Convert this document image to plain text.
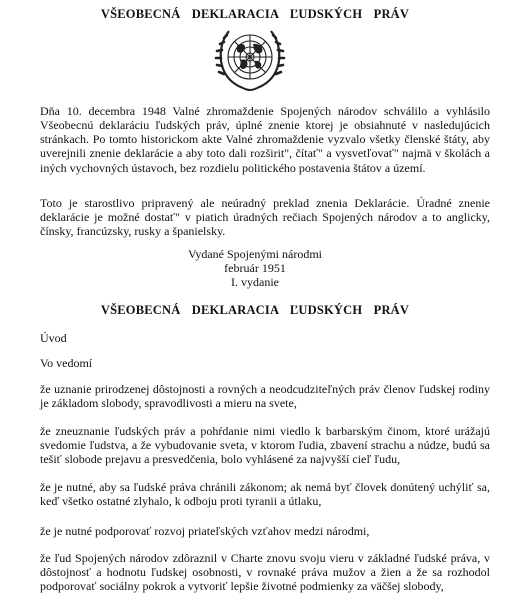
VŠEOBECNÁ DEKLARACIA ĽUDSKÝCH PRÁV
Dňa 10. decembra 1948 Valné zhromaždenie Spojených národov schválilo a vyhlásilo Všeobecnú deklaráciu ľudských práv, úplné znenie ktorej je obsiahnuté v nasledujúcich stránkach. Po tomto historickom akte Valné zhromaždenie vyzvalo všetky členské štáty, aby uverejnili znenie deklarácie a aby toto dali rozširit", čítať" a vysvetľovať" najmä v školách a iných vychovných ústavoch, bez rozdielu politického postavenia štátov a území.
Toto je starostlivo pripravený ale neúradný preklad znenia Deklarácie. Úradné znenie deklarácie je možné dostať" v piatich úradných rečiach Spojených národov a to anglicky, čínsky, francúzsky, rusky a španielsky.
Vydané Spojenými národmi
február 1951
I. vydanie
VŠEOBECNÁ DEKLARACIA ĽUDSKÝCH PRÁV
Úvod
Vo vedomí
že uznanie prirodzenej dôstojnosti a rovných a neodcudziteľných práv členov ľudskej rodiny je základom slobody, spravodlivosti a mieru na svete,
že zneuznanie ľudských práv a pohŕdanie nimi viedlo k barbarským činom, ktoré urážajú svedomie ľudstva, a že vybudovanie sveta, v ktorom ľudia, zbavení strachu a núdze, budú sa tešiť slobode prejavu a presvedčenia, bolo vyhlásené za najvyšší cieľ ľudu,
že je nutné, aby sa ľudské práva chránili zákonom; ak nemá byť človek donútený uchýliť sa, keď všetko ostatné zlyhalo, k odboju proti tyranii a útlaku,
že je nutné podporovať rozvoj priateľských vzťahov medzi národmi,
že ľud Spojených národov zdôraznil v Charte znovu svoju vieru v základné ľudské práva, v dôstojnosť a hodnotu ľudskej osobnosti, v rovnaké práva mužov a žien a že sa rozhodol podporovať sociálny pokrok a vytvoriť lepšie životné podmienky za väčšej slobody,
